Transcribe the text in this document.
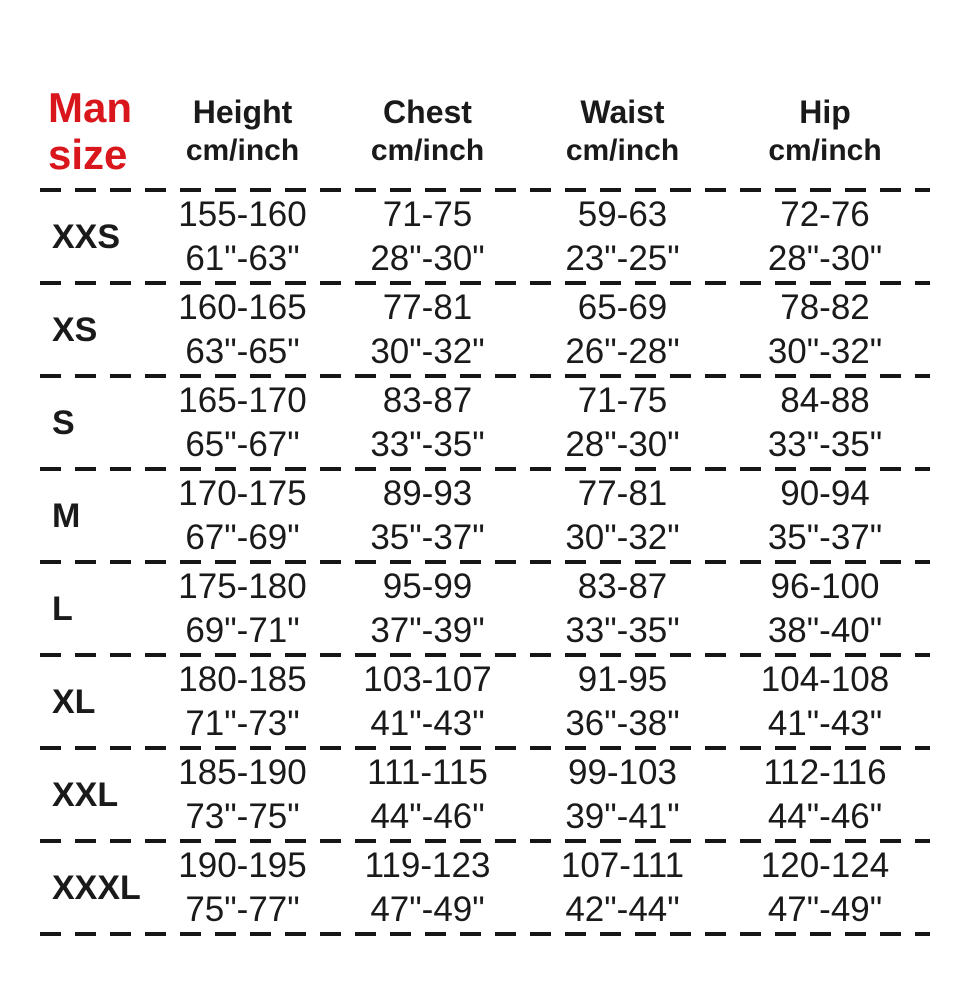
Man
size
Height
cm/inch
Chest
cm/inch
Waist
cm/inch
Hip
cm/inch
XXS
155-160
61"-63"
71-75
28"-30"
59-63
23"-25"
72-76
28"-30"
XS
160-165
63"-65"
77-81
30"-32"
65-69
26"-28"
78-82
30"-32"
S
165-170
65"-67"
83-87
33"-35"
71-75
28"-30"
84-88
33"-35"
M
170-175
67"-69"
89-93
35"-37"
77-81
30"-32"
90-94
35"-37"
L
175-180
69"-71"
95-99
37"-39"
83-87
33"-35"
96-100
38"-40"
XL
180-185
71"-73"
103-107
41"-43"
91-95
36"-38"
104-108
41"-43"
XXL
185-190
73"-75"
111-115
44"-46"
99-103
39"-41"
112-116
44"-46"
XXXL
190-195
75"-77"
119-123
47"-49"
107-111
42"-44"
120-124
47"-49"
